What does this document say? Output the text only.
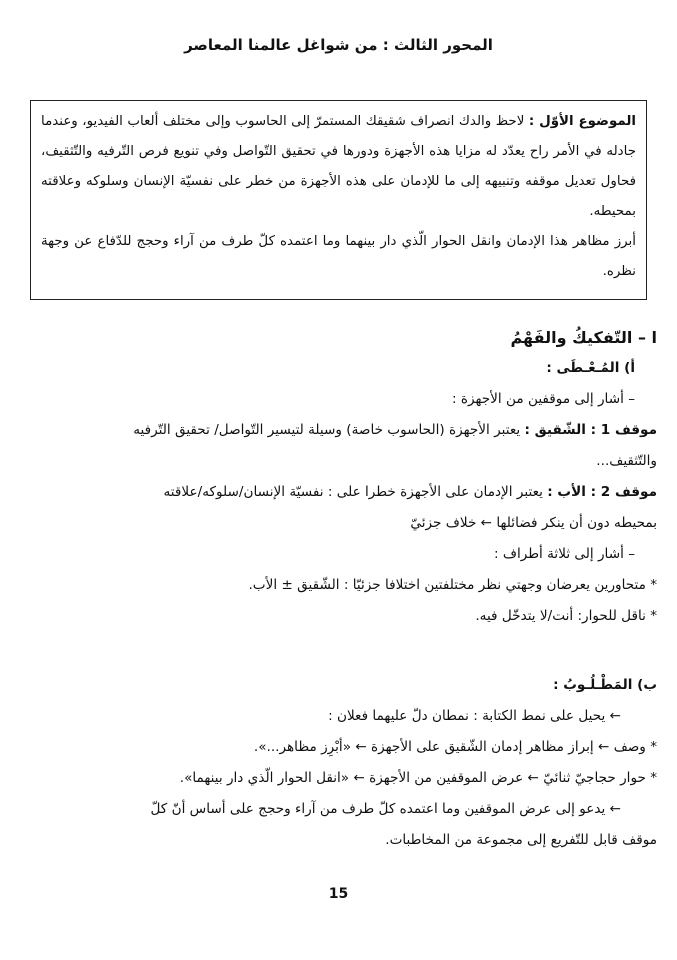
المحور الثالث : من شواغل عالمنا المعاصر

الموضوع الأوّل : لاحظ والدك انصراف شقيقك المستمرّ إلى الحاسوب وإلى مختلف ألعاب الفيديو، وعندما جادله في الأمر راح يعدّد له مزايا هذه الأجهزة ودورها في تحقيق التّواصل وفي تنويع فرص التّرفيه والتّثقيف، فحاول تعديل موقفه وتنبيهه إلى ما للإدمان على هذه الأجهزة من خطر على نفسيّة الإنسان وسلوكه وعلاقته بمحيطه.

أبرز مظاهر هذا الإدمان وانقل الحوار الّذي دار بينهما وما اعتمده كلّ طرف من آراء وحجج للدّفاع عن وجهة نظره.

ا – التّفكيكُ والفَهْمُ
أ) المُـعْـطَى :
– أشار إلى موقفين من الأجهزة :
موقف 1 : الشّقيق : يعتبر الأجهزة (الحاسوب خاصة) وسيلة لتيسير التّواصل/ تحقيق التّرفيه
والتّثقيف...
موقف 2 : الأب : يعتبر الإدمان على الأجهزة خطرا على : نفسيّة الإنسان/سلوكه/علاقته
بمحيطه دون أن ينكر فضائلها ← خلاف جزئيّ
– أشار إلى ثلاثة أطراف :
* متحاورين يعرضان وجهتي نظر مختلفتين اختلافا جزئيّا : الشّقيق ± الأب.
* ناقل للحوار: أنت/لا يتدخّل فيه.
ب) المَطْـلُـوبُ :
← يحيل على نمط الكتابة : نمطان دلّ عليهما فعلان :
* وصف ← إبراز مظاهر إدمان الشّقيق على الأجهزة ← «أبْرِز مظاهر...».
* حوار حجاجيّ ثنائيّ ← عرض الموقفين من الأجهزة ← «انقل الحوار الّذي دار بينهما».
← يدعو إلى عرض الموقفين وما اعتمده كلّ طرف من آراء وحجج على أساس أنّ كلّ
موقف قابل للتّفريع إلى مجموعة من المخاطبات.
15
